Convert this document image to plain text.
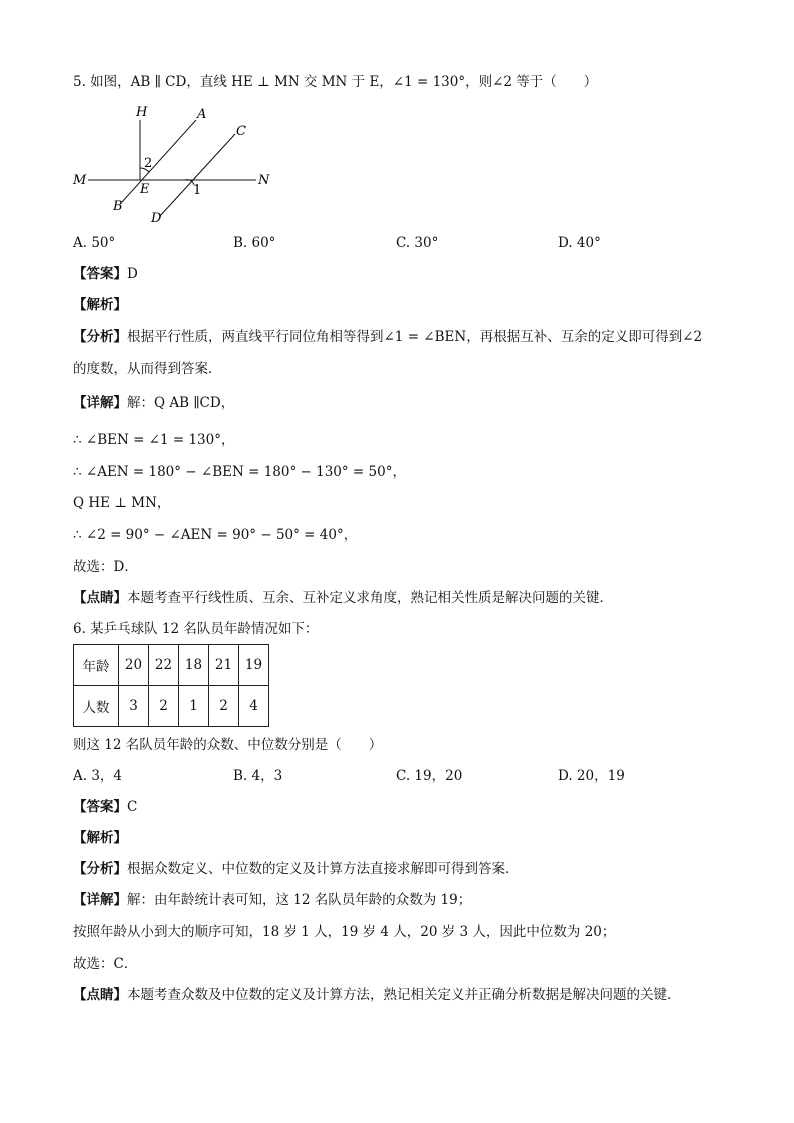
5. 如图，AB ∥ CD，直线 HE ⊥ MN 交 MN 于 E，∠1 = 130°，则∠2 等于（　　）
H	A
C
M	N
E
B
D
1
2
A. 50°	B. 60°	C. 30°	D. 40°
【答案】D
【解析】
【分析】根据平行性质，两直线平行同位角相等得到∠1 = ∠BEN，再根据互补、互余的定义即可得到∠2
的度数，从而得到答案．
【详解】解：Q AB ∥CD，
∴ ∠BEN = ∠1 = 130°，
∴ ∠AEN = 180° − ∠BEN = 180° − 130° = 50°，
Q HE ⊥ MN，
∴ ∠2 = 90° − ∠AEN = 90° − 50° = 40°，
故选：D．
【点睛】本题考查平行线性质、互余、互补定义求角度，熟记相关性质是解决问题的关键．
6. 某乒乓球队 12 名队员年龄情况如下：
年龄	20	22	18	21	19
人数	3	2	1	2	4
则这 12 名队员年龄的众数、中位数分别是（　　）
A. 3，4	B. 4，3	C. 19，20	D. 20，19
【答案】C
【解析】
【分析】根据众数定义、中位数的定义及计算方法直接求解即可得到答案．
【详解】解：由年龄统计表可知，这 12 名队员年龄的众数为 19；
按照年龄从小到大的顺序可知，18 岁 1 人，19 岁 4 人，20 岁 3 人，因此中位数为 20；
故选：C．
【点睛】本题考查众数及中位数的定义及计算方法，熟记相关定义并正确分析数据是解决问题的关键．
